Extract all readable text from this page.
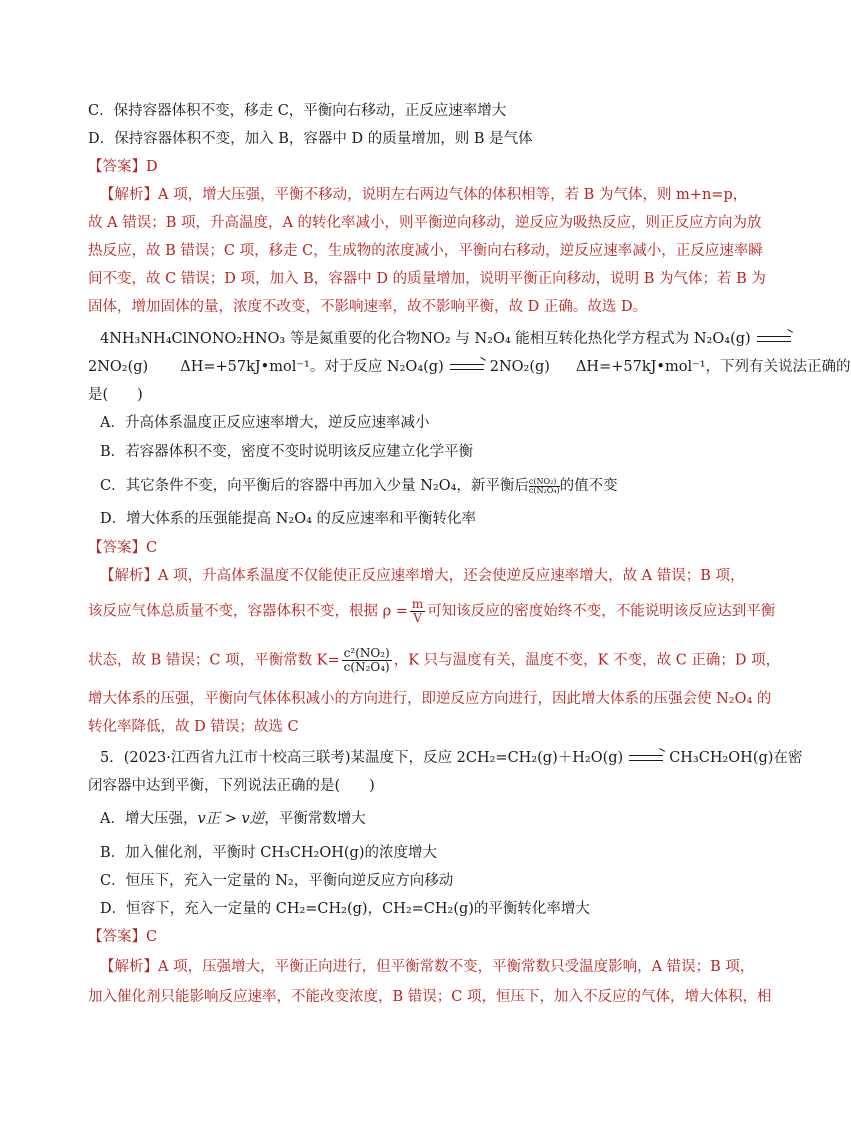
C．保持容器体积不变，移走 C，平衡向右移动，正反应速率增大
D．保持容器体积不变，加入 B，容器中 D 的质量增加，则 B 是气体
【答案】D
【解析】A 项，增大压强，平衡不移动，说明左右两边气体的体积相等，若 B 为气体，则 m+n=p，
故 A 错误；B 项，升高温度，A 的转化率减小，则平衡逆向移动，逆反应为吸热反应，则正反应方向为放
热反应，故 B 错误；C 项，移走 C，生成物的浓度减小，平衡向右移动，逆反应速率减小，正反应速率瞬
间不变，故 C 错误；D 项，加入 B，容器中 D 的质量增加，说明平衡正向移动，说明 B 为气体；若 B 为
固体，增加固体的量，浓度不改变，不影响速率，故不影响平衡，故 D 正确。故选 D。
4NH₃NH₄ClNONO₂HNO₃ 等是氮重要的化合物NO₂ 与 N₂O₄ 能相互转化热化学方程式为 N₂O₄(g) →
2NO₂(g) ΔH=+57kJ•mol⁻¹。对于反应 N₂O₄(g) → 2NO₂(g) ΔH=+57kJ•mol⁻¹，下列有关说法正确的
是(　　)
A．升高体系温度正反应速率增大，逆反应速率减小
B．若容器体积不变，密度不变时说明该反应建立化学平衡
C．其它条件不变，向平衡后的容器中再加入少量 N₂O₄，新平衡后 $\frac{\text{c(NO₂)}}{\text{c(N₂O₄)}}$ 的值不变
D．增大体系的压强能提高 N₂O₄ 的反应速率和平衡转化率
【答案】C
【解析】A 项，升高体系温度不仅能使正反应速率增大，还会使逆反应速率增大，故 A 错误；B 项，
该反应气体总质量不变，容器体积不变，根据 $\rho = \frac{m}{V}$ 可知该反应的密度始终不变，不能说明该反应达到平衡
状态，故 B 错误；C 项，平衡常数 $K= \frac{\text{c²(NO₂)}}{\text{c(N₂O₄)}}$ ，K 只与温度有关，温度不变，K 不变，故 C 正确；D 项，
增大体系的压强，平衡向气体体积减小的方向进行，即逆反应方向进行，因此增大体系的压强会使 N₂O₄ 的
转化率降低，故 D 错误；故选 C
5．(2023·江西省九江市十校高三联考)某温度下，反应 2CH₂=CH₂(g)＋H₂O(g) → CH₃CH₂OH(g)在密
闭容器中达到平衡，下列说法正确的是(　　)
A．增大压强，v正 > v逆，平衡常数增大
B．加入催化剂，平衡时 CH₃CH₂OH(g)的浓度增大
C．恒压下，充入一定量的 N₂，平衡向逆反应方向移动
D．恒容下，充入一定量的 CH₂=CH₂(g)，CH₂=CH₂(g)的平衡转化率增大
【答案】C
【解析】A 项，压强增大，平衡正向进行，但平衡常数不变，平衡常数只受温度影响，A 错误；B 项，
加入催化剂只能影响反应速率，不能改变浓度，B 错误；C 项，恒压下，加入不反应的气体，增大体积，相
